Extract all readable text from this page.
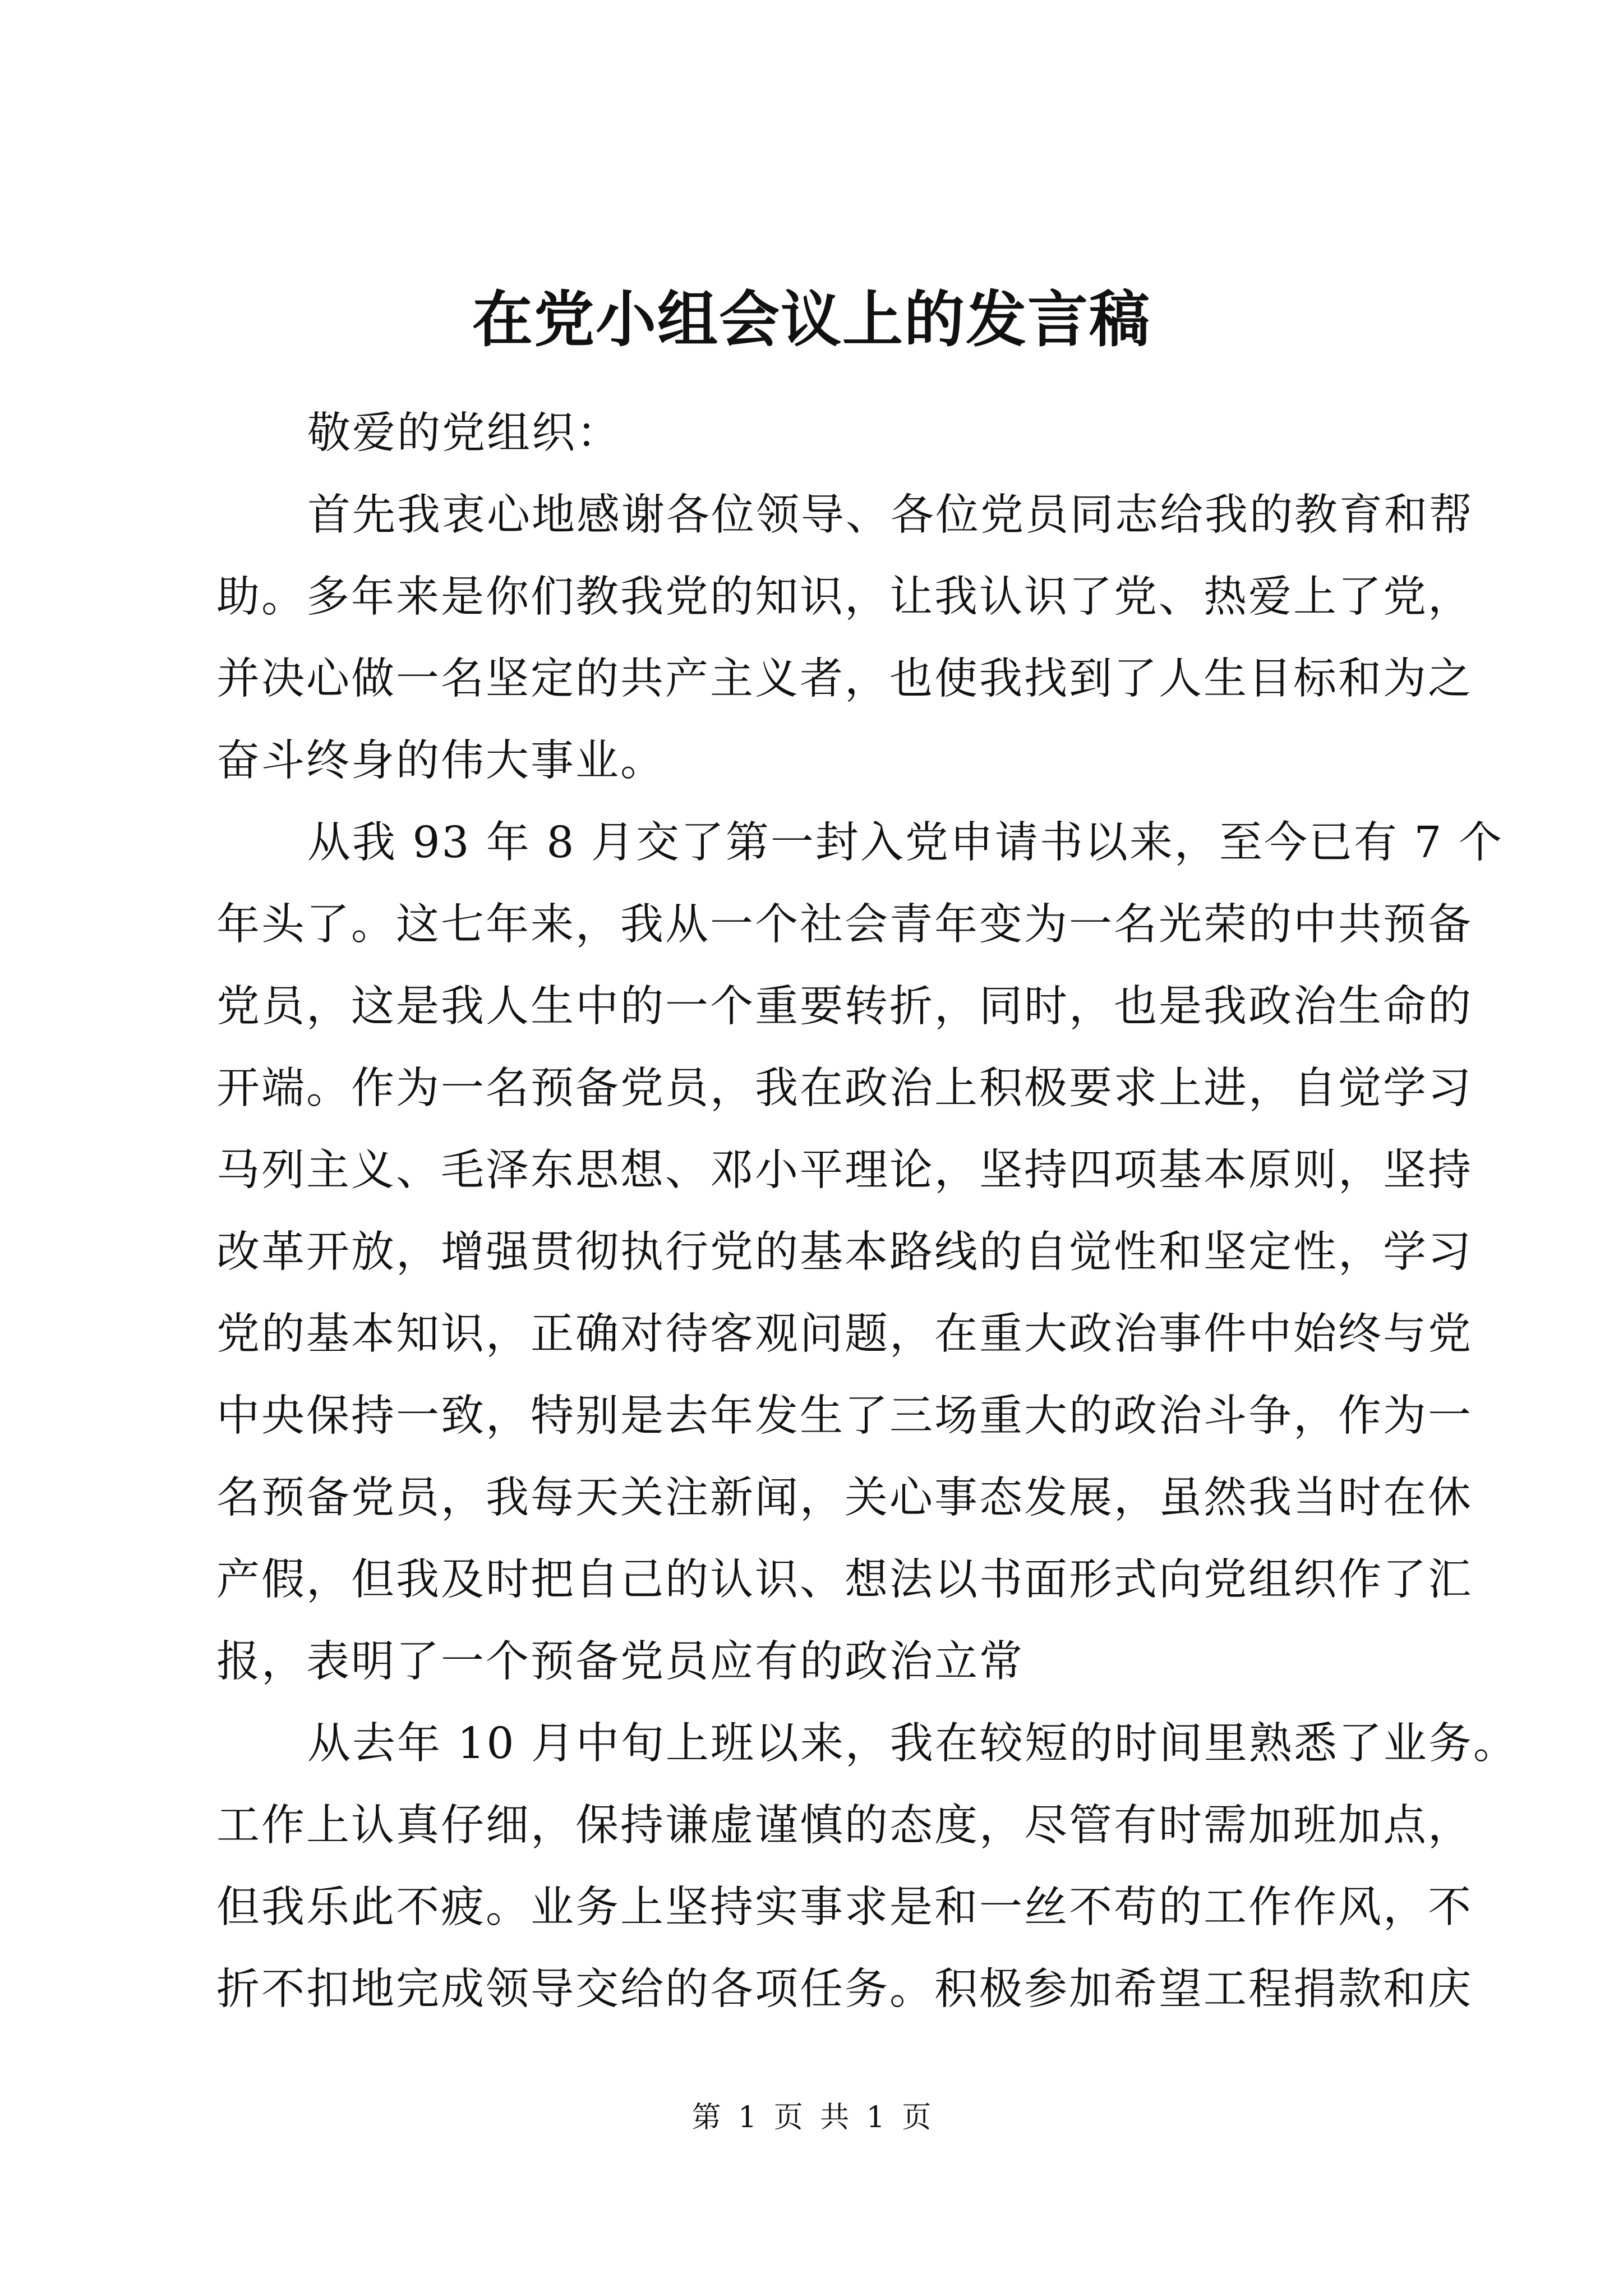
在党小组会议上的发言稿
敬爱的党组织：
首先我衷心地感谢各位领导、各位党员同志给我的教育和帮
助。多年来是你们教我党的知识，让我认识了党、热爱上了党，
并决心做一名坚定的共产主义者，也使我找到了人生目标和为之
奋斗终身的伟大事业。
从我 93 年 8 月交了第一封入党申请书以来，至今已有 7 个
年头了。这七年来，我从一个社会青年变为一名光荣的中共预备
党员，这是我人生中的一个重要转折，同时，也是我政治生命的
开端。作为一名预备党员，我在政治上积极要求上进，自觉学习
马列主义、毛泽东思想、邓小平理论，坚持四项基本原则，坚持
改革开放，增强贯彻执行党的基本路线的自觉性和坚定性，学习
党的基本知识，正确对待客观问题，在重大政治事件中始终与党
中央保持一致，特别是去年发生了三场重大的政治斗争，作为一
名预备党员，我每天关注新闻，关心事态发展，虽然我当时在休
产假，但我及时把自己的认识、想法以书面形式向党组织作了汇
报，表明了一个预备党员应有的政治立常
从去年 10 月中旬上班以来，我在较短的时间里熟悉了业务。
工作上认真仔细，保持谦虚谨慎的态度，尽管有时需加班加点，
但我乐此不疲。业务上坚持实事求是和一丝不苟的工作作风，不
折不扣地完成领导交给的各项任务。积极参加希望工程捐款和庆
第 1 页 共 1 页
